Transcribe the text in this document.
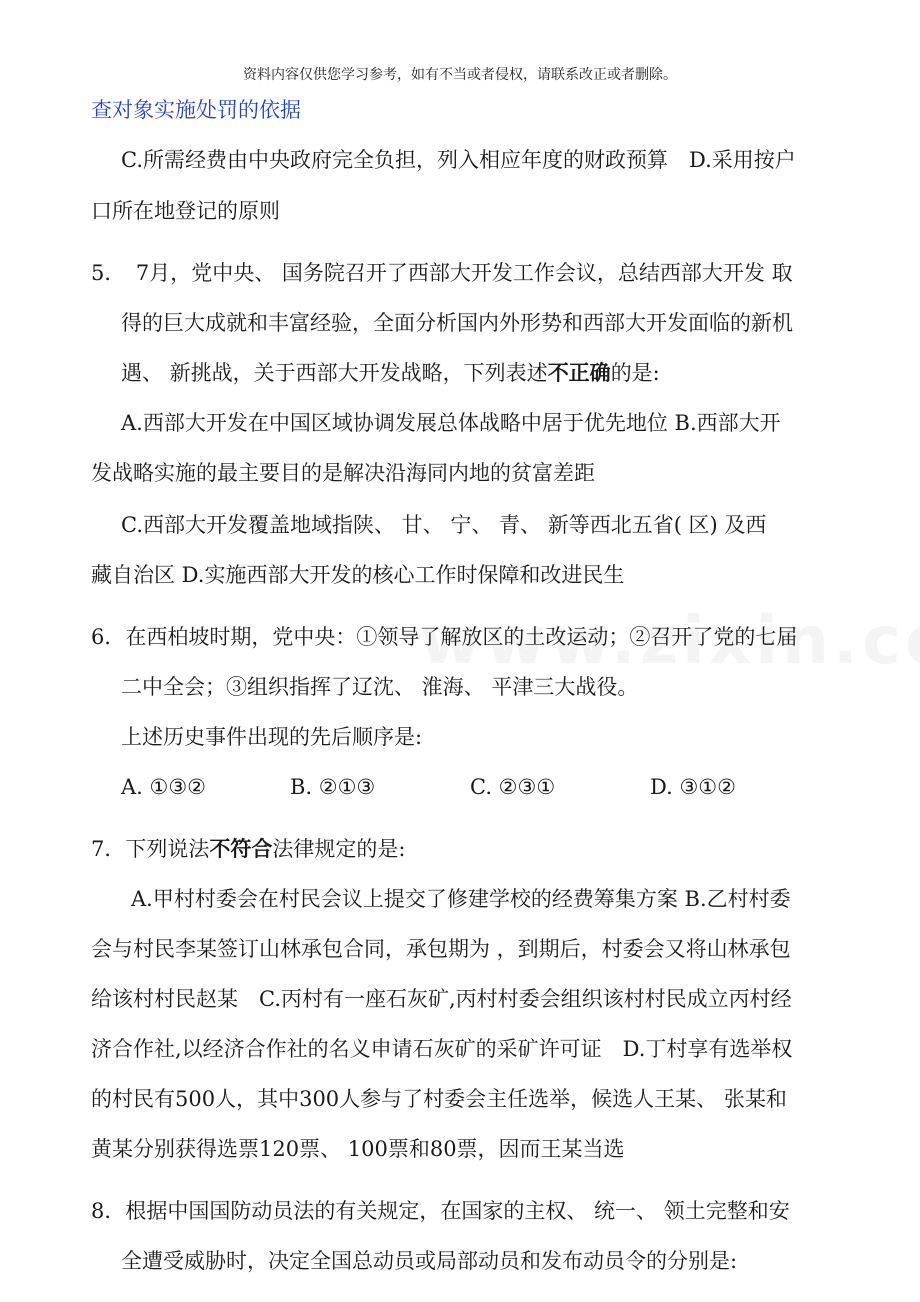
资料内容仅供您学习参考，如有不当或者侵权，请联系改正或者删除。
查对象实施处罚的依据
C.所需经费由中央政府完全负担，列入相应年度的财政预算　D.采用按户
口所在地登记的原则
5．　7月，党中央、 国务院召开了西部大开发工作会议，总结西部大开发 取
得的巨大成就和丰富经验，全面分析国内外形势和西部大开发面临的新机
遇、 新挑战，关于西部大开发战略，下列表述不正确的是:
A.西部大开发在中国区域协调发展总体战略中居于优先地位 B.西部大开
发战略实施的最主要目的是解决沿海同内地的贫富差距
C.西部大开发覆盖地域指陕、 甘、 宁、 青、 新等西北五省( 区) 及西
藏自治区 D.实施西部大开发的核心工作时保障和改进民生
6．在西柏坡时期，党中央：①领导了解放区的土改运动；②召开了党的七届
二中全会；③组织指挥了辽沈、 淮海、 平津三大战役。
上述历史事件出现的先后顺序是:
A. ①③②	B. ②①③	C. ②③①	D. ③①②
7．下列说法不符合法律规定的是:
A.甲村村委会在村民会议上提交了修建学校的经费筹集方案 B.乙村村委
会与村民李某签订山林承包合同，承包期为 ，到期后，村委会又将山林承包
给该村村民赵某　C.丙村有一座石灰矿,丙村村委会组织该村村民成立丙村经
济合作社,以经济合作社的名义申请石灰矿的采矿许可证　D.丁村享有选举权
的村民有500人，其中300人参与了村委会主任选举，候选人王某、 张某和
黄某分别获得选票120票、 100票和80票，因而王某当选
8．根据中国国防动员法的有关规定，在国家的主权、 统一、 领土完整和安
全遭受威胁时，决定全国总动员或局部动员和发布动员令的分别是:
